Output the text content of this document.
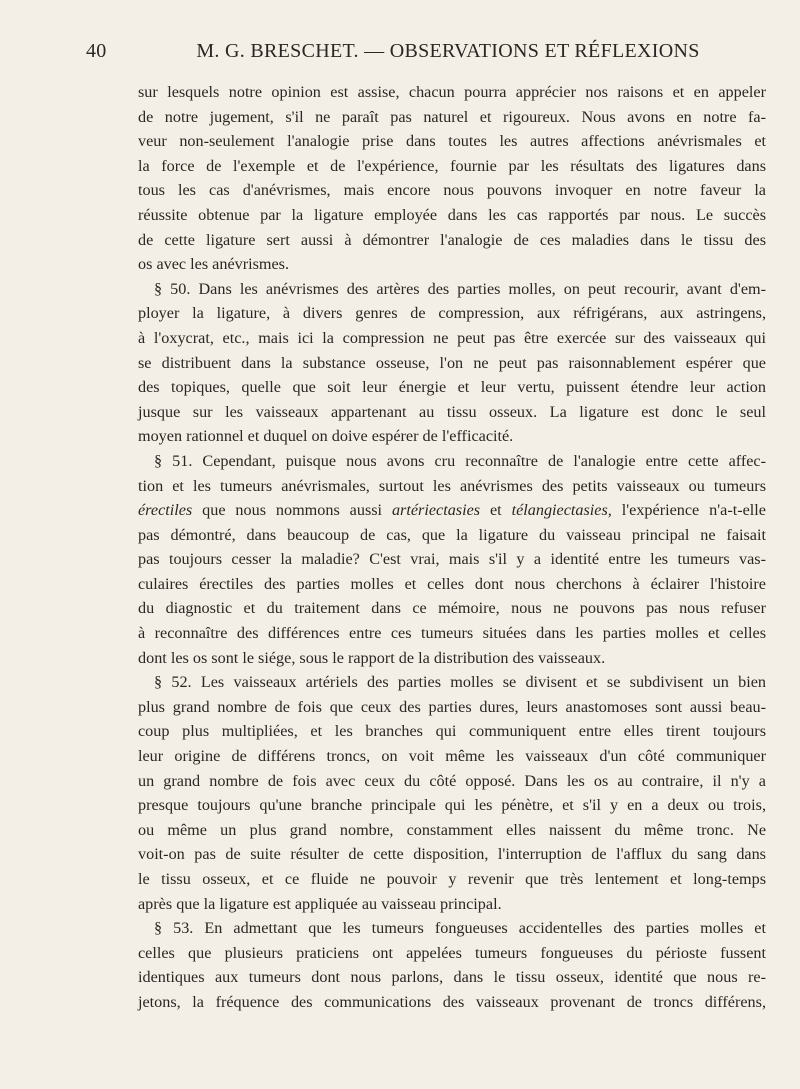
40	M. G. BRESCHET. — OBSERVATIONS ET RÉFLEXIONS

sur lesquels notre opinion est assise, chacun pourra apprécier nos raisons et en appeler
de notre jugement, s'il ne paraît pas naturel et rigoureux. Nous avons en notre fa-
veur non-seulement l'analogie prise dans toutes les autres affections anévrismales et
la force de l'exemple et de l'expérience, fournie par les résultats des ligatures dans
tous les cas d'anévrismes, mais encore nous pouvons invoquer en notre faveur la
réussite obtenue par la ligature employée dans les cas rapportés par nous. Le succès
de cette ligature sert aussi à démontrer l'analogie de ces maladies dans le tissu des
os avec les anévrismes.

§ 50. Dans les anévrismes des artères des parties molles, on peut recourir, avant d'em-
ployer la ligature, à divers genres de compression, aux réfrigérans, aux astringens,
à l'oxycrat, etc., mais ici la compression ne peut pas être exercée sur des vaisseaux qui
se distribuent dans la substance osseuse, l'on ne peut pas raisonnablement espérer que
des topiques, quelle que soit leur énergie et leur vertu, puissent étendre leur action
jusque sur les vaisseaux appartenant au tissu osseux. La ligature est donc le seul
moyen rationnel et duquel on doive espérer de l'efficacité.

§ 51. Cependant, puisque nous avons cru reconnaître de l'analogie entre cette affec-
tion et les tumeurs anévrismales, surtout les anévrismes des petits vaisseaux ou tumeurs
érectiles que nous nommons aussi artériectasies et télangiectasies, l'expérience n'a-t-elle
pas démontré, dans beaucoup de cas, que la ligature du vaisseau principal ne faisait
pas toujours cesser la maladie? C'est vrai, mais s'il y a identité entre les tumeurs vas-
culaires érectiles des parties molles et celles dont nous cherchons à éclairer l'histoire
du diagnostic et du traitement dans ce mémoire, nous ne pouvons pas nous refuser
à reconnaître des différences entre ces tumeurs situées dans les parties molles et celles
dont les os sont le siége, sous le rapport de la distribution des vaisseaux.

§ 52. Les vaisseaux artériels des parties molles se divisent et se subdivisent un bien
plus grand nombre de fois que ceux des parties dures, leurs anastomoses sont aussi beau-
coup plus multipliées, et les branches qui communiquent entre elles tirent toujours
leur origine de différens troncs, on voit même les vaisseaux d'un côté communiquer
un grand nombre de fois avec ceux du côté opposé. Dans les os au contraire, il n'y a
presque toujours qu'une branche principale qui les pénètre, et s'il y en a deux ou trois,
ou même un plus grand nombre, constamment elles naissent du même tronc. Ne
voit-on pas de suite résulter de cette disposition, l'interruption de l'afflux du sang dans
le tissu osseux, et ce fluide ne pouvoir y revenir que très lentement et long-temps
après que la ligature est appliquée au vaisseau principal.

§ 53. En admettant que les tumeurs fongueuses accidentelles des parties molles et
celles que plusieurs praticiens ont appelées tumeurs fongueuses du périoste fussent
identiques aux tumeurs dont nous parlons, dans le tissu osseux, identité que nous re-
jetons, la fréquence des communications des vaisseaux provenant de troncs différens,
